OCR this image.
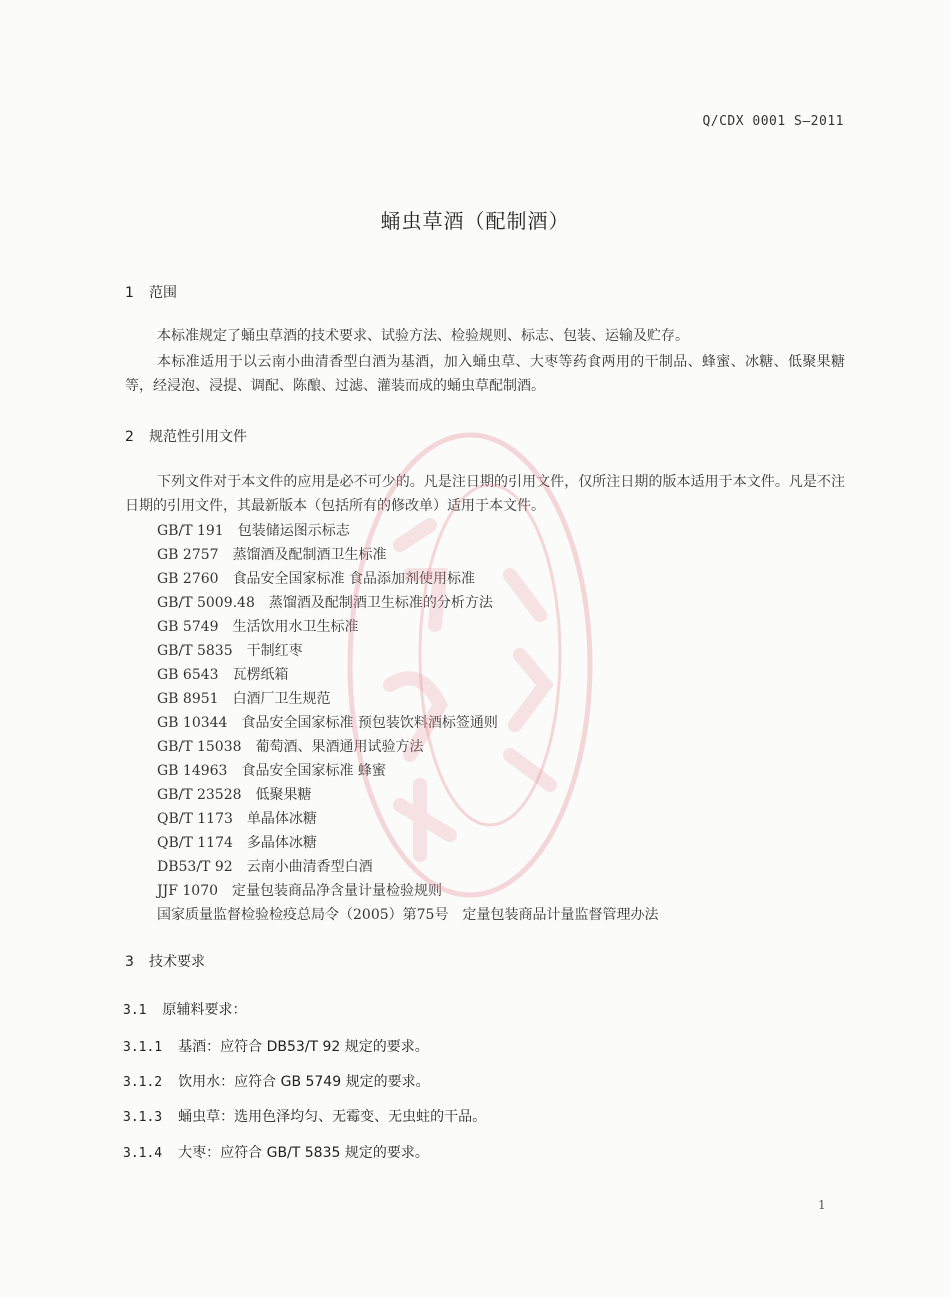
Q/CDX 0001 S—2011
蛹虫草酒（配制酒）
1 范围
本标准规定了蛹虫草酒的技术要求、试验方法、检验规则、标志、包装、运输及贮存。
本标准适用于以云南小曲清香型白酒为基酒，加入蛹虫草、大枣等药食两用的干制品、蜂蜜、冰糖、低聚果糖等，经浸泡、浸提、调配、陈酿、过滤、灌装而成的蛹虫草配制酒。
2 规范性引用文件
下列文件对于本文件的应用是必不可少的。凡是注日期的引用文件，仅所注日期的版本适用于本文件。凡是不注日期的引用文件，其最新版本（包括所有的修改单）适用于本文件。
GB/T 191 包装储运图示标志
GB 2757 蒸馏酒及配制酒卫生标准
GB 2760 食品安全国家标准 食品添加剂使用标准
GB/T 5009.48 蒸馏酒及配制酒卫生标准的分析方法
GB 5749 生活饮用水卫生标准
GB/T 5835 干制红枣
GB 6543 瓦楞纸箱
GB 8951 白酒厂卫生规范
GB 10344 食品安全国家标准 预包装饮料酒标签通则
GB/T 15038 葡萄酒、果酒通用试验方法
GB 14963 食品安全国家标准 蜂蜜
GB/T 23528 低聚果糖
QB/T 1173 单晶体冰糖
QB/T 1174 多晶体冰糖
DB53/T 92 云南小曲清香型白酒
JJF 1070 定量包装商品净含量计量检验规则
国家质量监督检验检疫总局令（2005）第75号 定量包装商品计量监督管理办法
3 技术要求
3.1 原辅料要求：
3.1.1 基酒：应符合 DB53/T 92 规定的要求。
3.1.2 饮用水：应符合 GB 5749 规定的要求。
3.1.3 蛹虫草：选用色泽均匀、无霉变、无虫蛀的干品。
3.1.4 大枣：应符合 GB/T 5835 规定的要求。
1
